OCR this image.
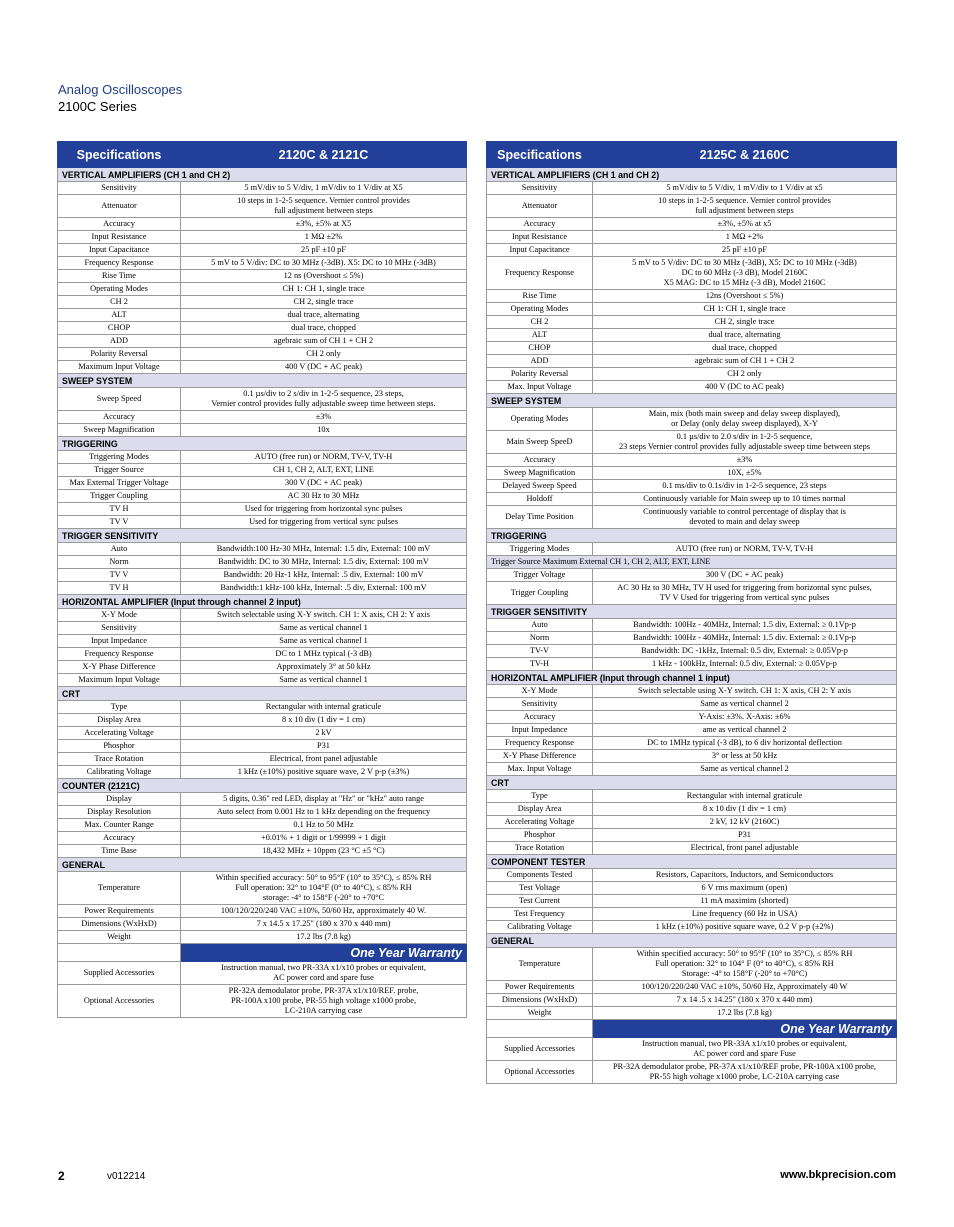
Analog Oscilloscopes
2100C Series
Specifications	2120C & 2121C
VERTICAL AMPLIFIERS (CH 1 and CH 2)	
Sensitivity	5 mV/div to 5 V/div, 1 mV/div to 1 V/div at X5
Attenuator	10 steps in 1-2-5 sequence. Vernier control provides
full adjustment between steps
Accuracy	±3%, ±5% at X5
Input Resistance	1 MΩ ±2%
Input Capacitance	25 pF ±10 pF
Frequency Response	5 mV to 5 V/div: DC to 30 MHz (-3dB). X5: DC to 10 MHz (-3dB)
Rise Time	12 ns (Overshoot ≤ 5%)
Operating Modes	CH 1: CH 1, single trace
CH 2	CH 2, single trace
ALT	dual trace, alternating
CHOP	dual trace, chopped
ADD	agebraic sum of CH 1 + CH 2
Polarity Reversal	CH 2 only
Maximum Input Voltage	400 V (DC + AC peak)
SWEEP SYSTEM	
Sweep Speed	0.1 µs/div to 2 s/div in 1-2-5 sequence, 23 steps,
Vernier control provides fully adjustable sweep time between steps.
Accuracy	±3%
Sweep Magnification	10x
TRIGGERING	
Triggering Modes	AUTO (free run) or NORM, TV-V, TV-H
Trigger Source	CH 1, CH 2, ALT, EXT, LINE
Max External Trigger Voltage	300 V (DC + AC peak)
Trigger Coupling	AC 30 Hz to 30 MHz
TV H	Used for triggering from horizontal sync pulses
TV V	Used for triggering from vertical sync pulses
TRIGGER SENSITIVITY	
Auto	Bandwidth:100 Hz-30 MHz, Internal: 1.5 div, External: 100 mV
Norm	Bandwidth: DC to 30 MHz, Internal: 1.5 div, External: 100 mV
TV V	Bandwidth: 20 Hz-1 kHz, Internal: .5 div, External: 100 mV
TV H	Bandwidth:1 kHz-100 kHz, Internal: .5 div, External: 100 mV
HORIZONTAL AMPLIFIER (Input through channel 2 input)	
X-Y Mode	Switch selectable using X-Y switch. CH 1: X axis, CH 2: Y axis
Sensitivity	Same as vertical channel 1
Input Impedance	Same as vertical channel 1
Frequency Response	DC to 1 MHz typical (-3 dB)
X-Y Phase Difference	Approximately 3° at 50 kHz
Maximum Input Voltage	Same as vertical channel 1
CRT	
Type	Rectangular with internal graticule
Display Area	8 x 10 div (1 div = 1 cm)
Accelerating Voltage	2 kV
Phosphor	P31
Trace Rotation	Electrical, front panel adjustable
Calibrating Voltage	1 kHz (±10%) positive square wave, 2 V p-p (±3%)
COUNTER (2121C)	
Display	5 digits, 0.36" red LED, display at "Hz" or "kHz" auto range
Display Resolution	Auto select from 0.001 Hz to 1 kHz depending on the frequency
Max. Counter Range	0.1 Hz to 50 MHz
Accuracy	+0.01% + 1 digit or 1/99999 + 1 digit
Time Base	18,432 MHz + 10ppm (23 °C ±5 °C)
GENERAL	
Temperature	Within specified accuracy: 50° to 95°F (10° to 35°C), ≤ 85% RH
Full operation: 32° to 104°F (0° to 40°C), ≤ 85% RH
storage: -4° to 158°F (-20° to +70°C
Power Requirements	100/120/220/240 VAC ±10%, 50/60 Hz, approximately 40 W.
Dimensions (WxHxD)	7 x 14.5 x 17.25" (180 x 370 x 440 mm)
Weight	17.2 lbs (7.8 kg)
	One Year Warranty
Supplied Accessories	Instruction manual, two PR-33A x1/x10 probes or equivalent,
AC power cord and spare fuse
Optional Accessories	PR-32A demodulator probe, PR-37A x1/x10/REF. probe,
PR-100A x100 probe, PR-55 high voltage x1000 probe,
LC-210A carrying case
Specifications	2125C & 2160C
VERTICAL AMPLIFIERS (CH 1 and CH 2)	
Sensitivity	5 mV/div to 5 V/div, 1 mV/div to 1 V/div at x5
Attenuator	10 steps in 1-2-5 sequence. Vernier control provides
full adjustment between steps
Accuracy	±3%, ±5% at x5
Input Resistance	1 MΩ +2%
Input Capacitance	25 pF ±10 pF
Frequency Response	5 mV to 5 V/div: DC to 30 MHz (-3dB), X5: DC to 10 MHz (-3dB)
DC to 60 MHz (-3 dB), Model 2160C
X5 MAG: DC to 15 MHz (-3 dB), Model 2160C
Rise Time	12ns (Overshoot ≤ 5%)
Operating Modes	CH 1: CH 1, single trace
CH 2	CH 2, single trace
ALT	dual trace, alternating
CHOP	dual trace, chopped
ADD	agebraic sum of CH 1 + CH 2
Polarity Reversal	CH 2 only
Max. Input Voltage	400 V (DC to AC peak)
SWEEP SYSTEM	
Operating Modes	Main, mix (both main sweep and delay sweep displayed),
or Delay (only delay sweep displayed), X-Y
Main Sweep SpeeD	0.1 µs/div to 2.0 s/div in 1-2-5 sequence,
23 steps Vernier control provides fully adjustable sweep time between steps
Accuracy	±3%
Sweep Magnification	10X, ±5%
Delayed Sweep Speed	0.1 ms/div to 0.1s/div in 1-2-5 sequence, 23 steps
Holdoff	Continuously variable for Main sweep up to 10 times normal
Delay Time Position	Continuously variable to control percentage of display that is
devoted to main and delay sweep
TRIGGERING	
Triggering Modes	AUTO (free run) or NORM, TV-V, TV-H
Trigger Source Maximum External CH 1, CH 2, ALT, EXT, LINE	
Trigger Voltage	300 V (DC + AC peak)
Trigger Coupling	AC 30 Hz to 30 MHz, TV H used for triggering from horizontal sync pulses,
TV V Used for triggering from vertical sync pulses
TRIGGER SENSITIVITY	
Auto	Bandwidth: 100Hz - 40MHz, Internal: 1.5 div, External: ≥ 0.1Vp-p
Norm	Bandwidth: 100Hz - 40MHz, Internal: 1.5 div. External: ≥ 0.1Vp-p
TV-V	Bandwidth: DC -1kHz, Internal: 0.5 div, External: ≥ 0.05Vp-p
TV-H	1 kHz - 100kHz, Internal: 0.5 div, External: ≥ 0.05Vp-p
HORIZONTAL AMPLIFIER (Input through channel 1 input)	
X-Y Mode	Switch selectable using X-Y switch. CH 1: X axis, CH 2: Y axis
Sensitivity	Same as vertical channel 2
Accuracy	Y-Axis: ±3%. X-Axis: ±6%
Input Impedance	ame as vertical channel 2
Frequency Response	DC to 1MHz typical (-3 dB), to 6 div horizontal deflection
X-Y Phase Difference	3° or less at 50 kHz
Max. Input Voltage	Same as vertical channel 2
CRT	
Type	Rectangular with internal graticule
Display Area	8 x 10 div (1 div = 1 cm)
Accelerating Voltage	2 kV, 12 kV (2160C)
Phosphor	P31
Trace Rotation	Electrical, front panel adjustable
COMPONENT TESTER	
Components Tested	Resistors, Capacitors, Inductors, and Semiconductors
Test Voltage	6 V rms maximum (open)
Test Current	11 mA maximim (shorted)
Test Frequency	Line frequency (60 Hz in USA)
Calibrating Voltage	1 kHz (±10%) positive square wave, 0.2 V p-p (±2%)
GENERAL	
Temperature	Within specified accuracy: 50° to 95°F (10° to 35°C), ≤ 85% RH
Full operation: 32° to 104° F (0° to 40°C), ≤ 85% RH
Storage: -4° to 158°F (-20° to +70°C)
Power Requirements	100/120/220/240 VAC ±10%, 50/60 Hz, Approximately 40 W
Dimensions (WxHxD)	7 x 14 .5 x 14.25" (180 x 370 x 440 mm)
Weight	17.2 lbs (7.8 kg)
	One Year Warranty
Supplied Accessories	Instruction manual, two PR-33A x1/x10 probes or equivalent,
AC power cord and spare Fuse
Optional Accessories	PR-32A demodulator probe, PR-37A x1/x10/REF probe, PR-100A x100 probe,
PR-55 high voltage x1000 probe, LC-210A carrying case
2	v012214	www.bkprecision.com
